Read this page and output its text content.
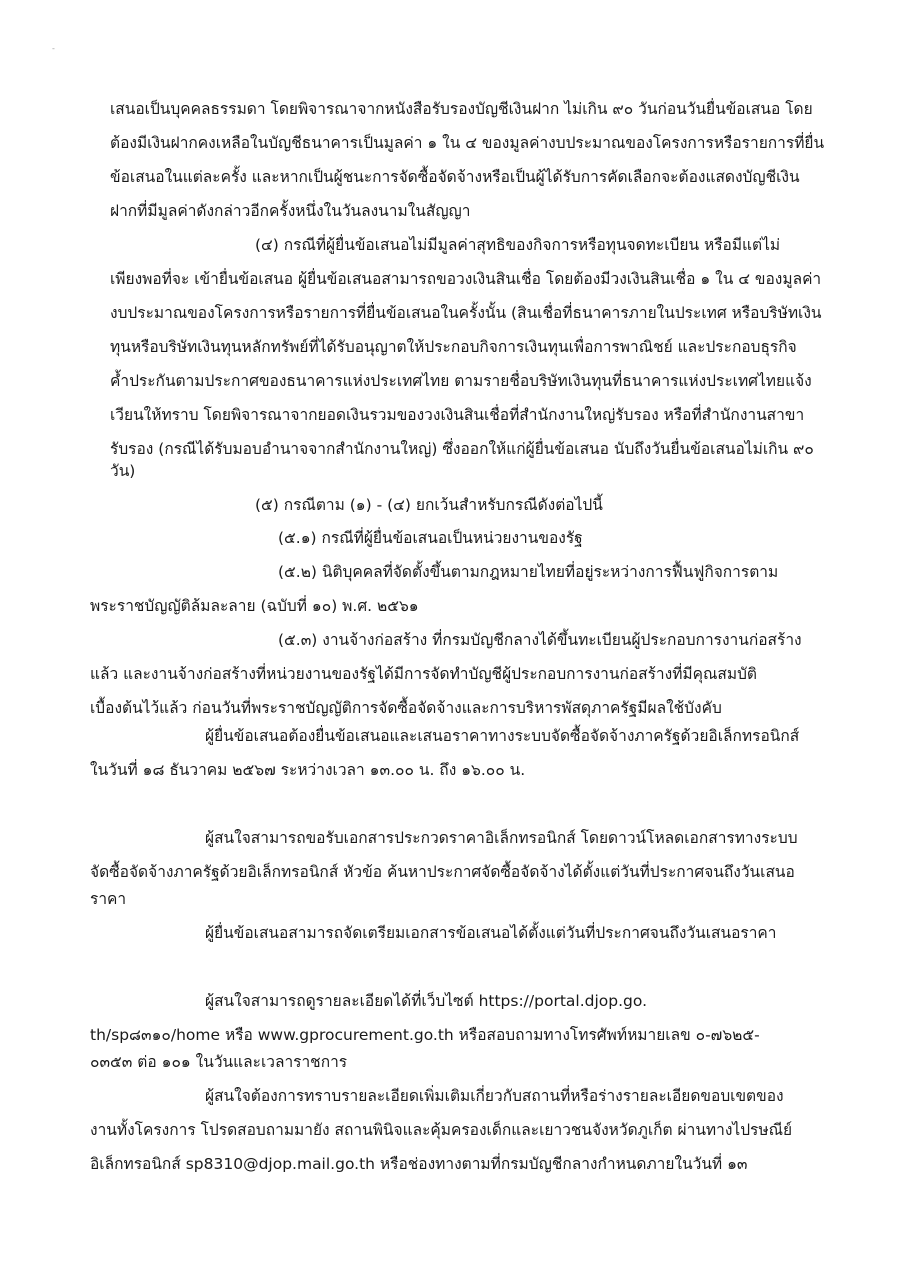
-
เสนอเป็นบุคคลธรรมดา โดยพิจารณาจากหนังสือรับรองบัญชีเงินฝาก ไม่เกิน ๙๐ วันก่อนวันยื่นข้อเสนอ โดย
ต้องมีเงินฝากคงเหลือในบัญชีธนาคารเป็นมูลค่า ๑ ใน ๔ ของมูลค่างบประมาณของโครงการหรือรายการที่ยื่น
ข้อเสนอในแต่ละครั้ง และหากเป็นผู้ชนะการจัดซื้อจัดจ้างหรือเป็นผู้ได้รับการคัดเลือกจะต้องแสดงบัญชีเงิน
ฝากที่มีมูลค่าดังกล่าวอีกครั้งหนึ่งในวันลงนามในสัญญา
(๔) กรณีที่ผู้ยื่นข้อเสนอไม่มีมูลค่าสุทธิของกิจการหรือทุนจดทะเบียน หรือมีแต่ไม่
เพียงพอที่จะ เข้ายื่นข้อเสนอ ผู้ยื่นข้อเสนอสามารถขอวงเงินสินเชื่อ โดยต้องมีวงเงินสินเชื่อ ๑ ใน ๔ ของมูลค่า
งบประมาณของโครงการหรือรายการที่ยื่นข้อเสนอในครั้งนั้น (สินเชื่อที่ธนาคารภายในประเทศ หรือบริษัทเงิน
ทุนหรือบริษัทเงินทุนหลักทรัพย์ที่ได้รับอนุญาตให้ประกอบกิจการเงินทุนเพื่อการพาณิชย์ และประกอบธุรกิจ
ค้ำประกันตามประกาศของธนาคารแห่งประเทศไทย ตามรายชื่อบริษัทเงินทุนที่ธนาคารแห่งประเทศไทยแจ้ง
เวียนให้ทราบ โดยพิจารณาจากยอดเงินรวมของวงเงินสินเชื่อที่สำนักงานใหญ่รับรอง หรือที่สำนักงานสาขา
รับรอง (กรณีได้รับมอบอำนาจจากสำนักงานใหญ่) ซึ่งออกให้แก่ผู้ยื่นข้อเสนอ นับถึงวันยื่นข้อเสนอไม่เกิน ๙๐
วัน)
(๕) กรณีตาม (๑) - (๔) ยกเว้นสำหรับกรณีดังต่อไปนี้
(๕.๑) กรณีที่ผู้ยื่นข้อเสนอเป็นหน่วยงานของรัฐ
(๕.๒) นิติบุคคลที่จัดตั้งขึ้นตามกฎหมายไทยที่อยู่ระหว่างการฟื้นฟูกิจการตาม
พระราชบัญญัติล้มละลาย (ฉบับที่ ๑๐) พ.ศ. ๒๕๖๑
(๕.๓) งานจ้างก่อสร้าง ที่กรมบัญชีกลางได้ขึ้นทะเบียนผู้ประกอบการงานก่อสร้าง
แล้ว และงานจ้างก่อสร้างที่หน่วยงานของรัฐได้มีการจัดทำบัญชีผู้ประกอบการงานก่อสร้างที่มีคุณสมบัติ
เบื้องต้นไว้แล้ว ก่อนวันที่พระราชบัญญัติการจัดซื้อจัดจ้างและการบริหารพัสดุภาครัฐมีผลใช้บังคับ
ผู้ยื่นข้อเสนอต้องยื่นข้อเสนอและเสนอราคาทางระบบจัดซื้อจัดจ้างภาครัฐด้วยอิเล็กทรอนิกส์
ในวันที่ ๑๘ ธันวาคม ๒๕๖๗ ระหว่างเวลา ๑๓.๐๐ น. ถึง ๑๖.๐๐ น.
ผู้สนใจสามารถขอรับเอกสารประกวดราคาอิเล็กทรอนิกส์ โดยดาวน์โหลดเอกสารทางระบบ
จัดซื้อจัดจ้างภาครัฐด้วยอิเล็กทรอนิกส์ หัวข้อ ค้นหาประกาศจัดซื้อจัดจ้างได้ตั้งแต่วันที่ประกาศจนถึงวันเสนอ
ราคา
ผู้ยื่นข้อเสนอสามารถจัดเตรียมเอกสารข้อเสนอได้ตั้งแต่วันที่ประกาศจนถึงวันเสนอราคา
ผู้สนใจสามารถดูรายละเอียดได้ที่เว็บไซต์ https://portal.djop.go.
th/sp๘๓๑๐/home หรือ www.gprocurement.go.th หรือสอบถามทางโทรศัพท์หมายเลข ๐-๗๖๒๕-
๐๓๕๓ ต่อ ๑๐๑ ในวันและเวลาราชการ
ผู้สนใจต้องการทราบรายละเอียดเพิ่มเติมเกี่ยวกับสถานที่หรือร่างรายละเอียดขอบเขตของ
งานทั้งโครงการ โปรดสอบถามมายัง สถานพินิจและคุ้มครองเด็กและเยาวชนจังหวัดภูเก็ต ผ่านทางไปรษณีย์
อิเล็กทรอนิกส์ sp8310@djop.mail.go.th หรือช่องทางตามที่กรมบัญชีกลางกำหนดภายในวันที่ ๑๓
